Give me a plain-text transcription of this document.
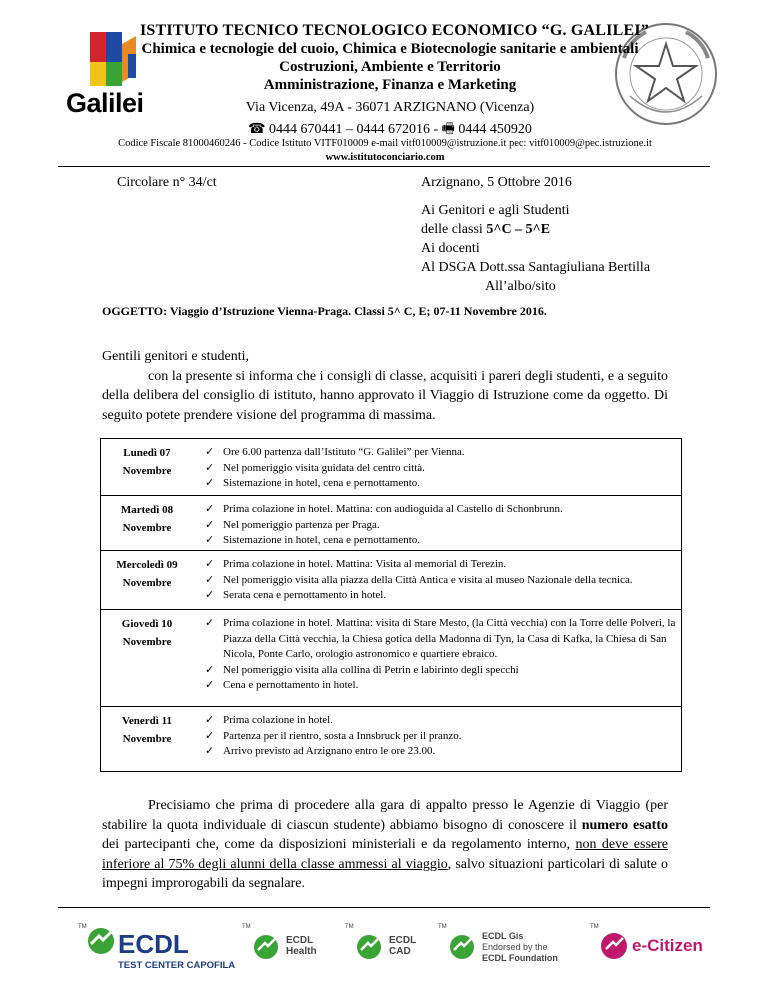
Galilei
ISTITUTO TECNICO TECNOLOGICO ECONOMICO “G. GALILEI”
Chimica e tecnologie del cuoio, Chimica e Biotecnologie sanitarie e ambientali
Costruzioni, Ambiente e Territorio
Amministrazione, Finanza e Marketing
Via Vicenza, 49A - 36071 ARZIGNANO (Vicenza)
☎ 0444 670441 – 0444 672016 - 🖷 0444 450920
Codice Fiscale 81000460246 - Codice Istituto VITF010009 e-mail vitf010009@istruzione.it pec: vitf010009@pec.istruzione.it
www.istitutoconciario.com
Circolare n° 34/ct	Arzignano, 5 Ottobre 2016
Ai Genitori e agli Studenti
delle classi 5^C – 5^E
Ai docenti
Al DSGA Dott.ssa Santagiuliana Bertilla
All’albo/sito
OGGETTO: Viaggio d’Istruzione Vienna-Praga. Classi 5^ C, E; 07-11 Novembre 2016.
Gentili genitori e studenti,
con la presente si informa che i consigli di classe, acquisiti i pareri degli studenti, e a seguito della delibera del consiglio di istituto, hanno approvato il Viaggio di Istruzione come da oggetto. Di seguito potete prendere visione del programma di massima.
Lunedì 07
Novembre
✓ Ore 6.00 partenza dall’Istituto “G. Galilei” per Vienna.
✓ Nel pomeriggio visita guidata del centro città.
✓ Sistemazione in hotel, cena e pernottamento.
Martedì 08
Novembre
✓ Prima colazione in hotel. Mattina: con audioguida al Castello di Schonbrunn.
✓ Nel pomeriggio partenza per Praga.
✓ Sistemazione in hotel, cena e pernottamento.
Mercoledì 09
Novembre
✓ Prima colazione in hotel. Mattina: Visita al memorial di Terezin.
✓ Nel pomeriggio visita alla piazza della Città Antica e visita al museo Nazionale della tecnica.
✓ Serata cena e pernottamento in hotel.
Giovedì 10
Novembre
✓ Prima colazione in hotel. Mattina: visita di Stare Mesto, (la Città vecchia) con la Torre delle Polveri, la Piazza della Città vecchia, la Chiesa gotica della Madonna di Tyn, la Casa di Kafka, la Chiesa di San Nicola, Ponte Carlo, orologio astronomico e quartiere ebraico.
✓ Nel pomeriggio visita alla collina di Petrin e labirinto degli specchi
✓ Cena e pernottamento in hotel.
Venerdì 11
Novembre
✓ Prima colazione in hotel.
✓ Partenza per il rientro, sosta a Innsbruck per il pranzo.
✓ Arrivo previsto ad Arzignano entro le ore 23.00.
Precisiamo che prima di procedere alla gara di appalto presso le Agenzie di Viaggio (per stabilire la quota individuale di ciascun studente) abbiamo bisogno di conoscere il numero esatto dei partecipanti che, come da disposizioni ministeriali e da regolamento interno, non deve essere inferiore al 75% degli alunni della classe ammessi al viaggio, salvo situazioni particolari di salute o impegni improrogabili da segnalare.
ECDL
TEST CENTER CAPOFILA
ECDL
Health
ECDL
CAD
ECDL Gis
Endorsed by the
ECDL Foundation
e-Citizen
TM	TM	TM	TM	TM
